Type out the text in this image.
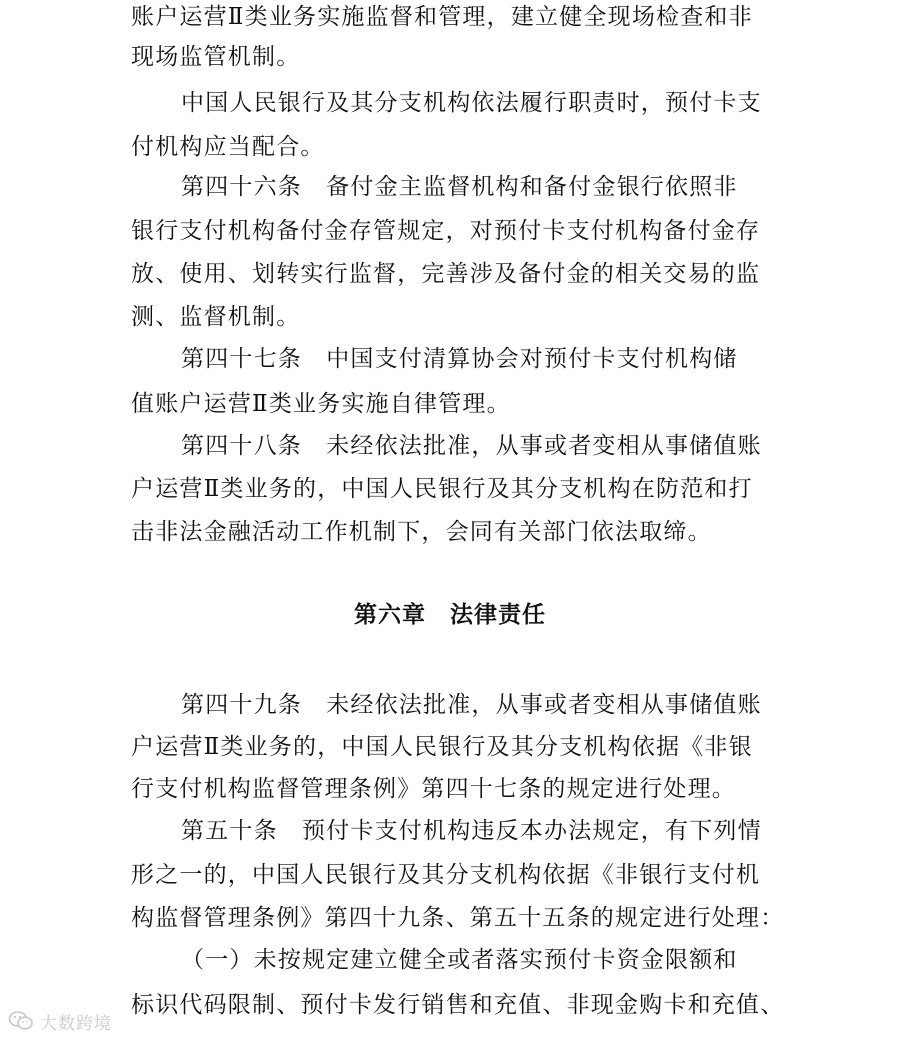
账户运营Ⅱ类业务实施监督和管理，建立健全现场检查和非
现场监管机制。
中国人民银行及其分支机构依法履行职责时，预付卡支
付机构应当配合。
第四十六条　备付金主监督机构和备付金银行依照非
银行支付机构备付金存管规定，对预付卡支付机构备付金存
放、使用、划转实行监督，完善涉及备付金的相关交易的监
测、监督机制。
第四十七条　中国支付清算协会对预付卡支付机构储
值账户运营Ⅱ类业务实施自律管理。
第四十八条　未经依法批准，从事或者变相从事储值账
户运营Ⅱ类业务的，中国人民银行及其分支机构在防范和打
击非法金融活动工作机制下，会同有关部门依法取缔。
第六章　法律责任
第四十九条　未经依法批准，从事或者变相从事储值账
户运营Ⅱ类业务的，中国人民银行及其分支机构依据《非银
行支付机构监督管理条例》第四十七条的规定进行处理。
第五十条　预付卡支付机构违反本办法规定，有下列情
形之一的，中国人民银行及其分支机构依据《非银行支付机
构监督管理条例》第四十九条、第五十五条的规定进行处理：
（一）未按规定建立健全或者落实预付卡资金限额和
标识代码限制、预付卡发行销售和充值、非现金购卡和充值、
大数跨境
